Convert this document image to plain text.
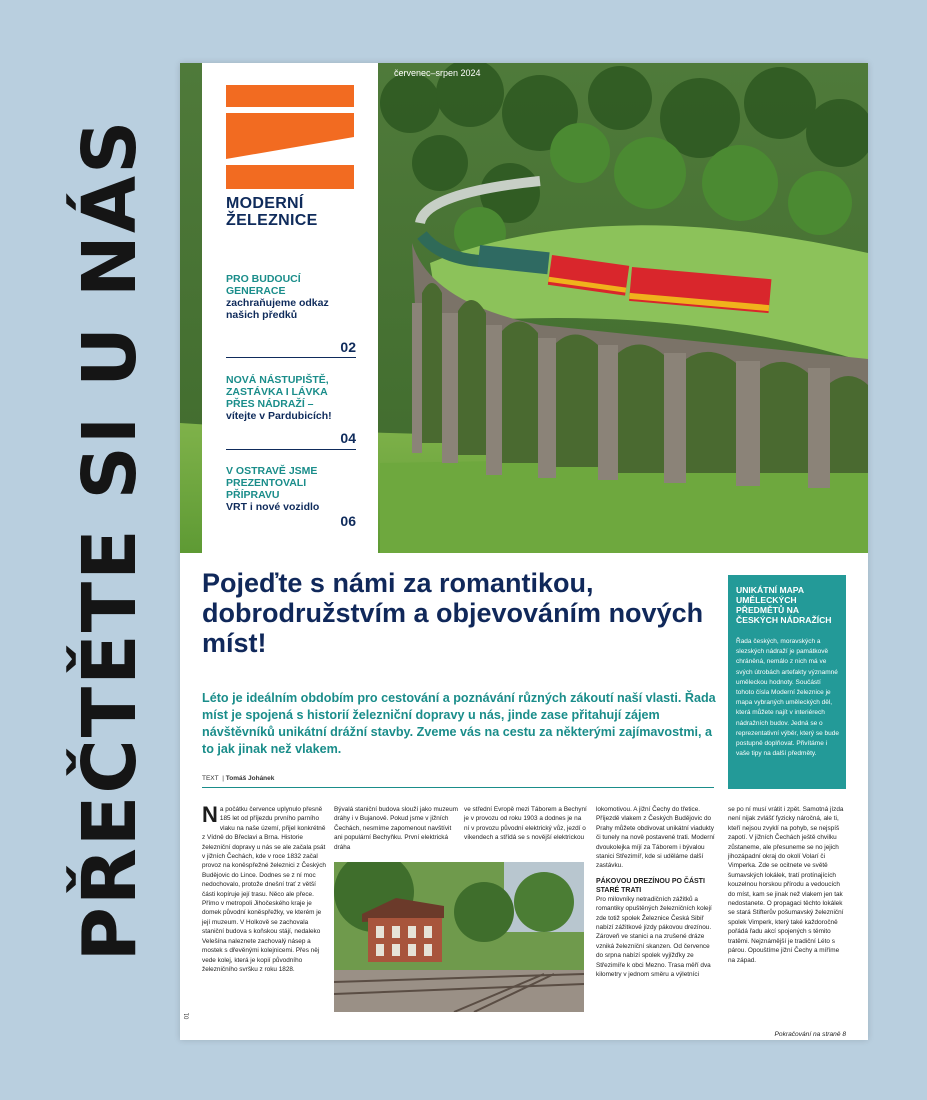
PŘEČTĚTE SI U NÁS
červenec–srpen 2024
MODERNÍ
ŽELEZNICE
PRO BUDOUCÍ GENERACE
zachraňujeme odkaz našich předků
02
NOVÁ NÁSTUPIŠTĚ, ZASTÁVKA I LÁVKA PŘES NÁDRAŽÍ –
vítejte v Pardubicích!
04
V OSTRAVĚ JSME PREZENTOVALI PŘÍPRAVU
VRT i nové vozidlo
06
Pojeďte s námi za romantikou, dobrodružstvím a objevováním nových míst!
Léto je ideálním obdobím pro cestování a poznávání různých zákoutí naší vlasti. Řada míst je spojená s historií železniční dopravy u nás, jinde zase přitahují zájem návštěvníků unikátní drážní stavby. Zveme vás na cestu za některými zajímavostmi, a to jak jinak než vlakem.
TEXT  | Tomáš Johánek
UNIKÁTNÍ MAPA UMĚLECKÝCH PŘEDMĚTŮ NA ČESKÝCH NÁDRAŽÍCH
Řada českých, moravských a slezských nádraží je památkově chráněná, nemálo z nich má ve svých útrobách artefakty významné uměleckou hodnoty. Součástí tohoto čísla Moderní železnice je mapa vybraných uměleckých děl, která můžete najít v interiérech nádražních budov. Jedná se o reprezentativní výběr, který se bude postupně doplňovat. Přivítáme i vaše tipy na další předměty.
Na počátku července uplynulo přesně 185 let od příjezdu prvního parního vlaku na naše území, přijel konkrétně z Vídně do Břeclavi a Brna. Historie železniční dopravy u nás se ale začala psát v jižních Čechách, kde v roce 1832 začal provoz na koněspřežné železnici z Českých Budějovic do Lince. Dodnes se z ní moc nedochovalo, protože dnešní trať z větší části kopíruje její trasu. Něco ale přece. Přímo v metropoli Jihočeského kraje je domek původní koněspřežky, ve kterém je její muzeum. V Holkově se zachovala staniční budova s koňskou stájí, nedaleko Velešína naleznete zachovalý násep a mostek s dřevěnými kolejnicemi. Přes něj vede kolej, která je kopií původního železničního svršku z roku 1828.
Bývalá staniční budova slouží jako muzeum dráhy i v Bujanově. Pokud jsme v jižních Čechách, nesmíme zapomenout navštívit ani populární Bechyňku. První elektrická dráha
ve střední Evropě mezi Táborem a Bechyní je v provozu od roku 1903 a dodnes je na ní v provozu původní elektrický vůz, jezdí o víkendech a střídá se s novější elektrickou
lokomotivou. A jižní Čechy do třetice. Příjezdě vlakem z Českých Budějovic do Prahy můžete obdivovat unikátní viadukty či tunely na nově postavené trati. Moderní dvoukolejka míjí za Táborem i bývalou stanici Střezimíř, kde si uděláme další zastávku.
PÁKOVOU DREZÍNOU PO ČÁSTI STARÉ TRATI
Pro milovníky netradičních zážitků a romantiky opuštěných železničních kolejí zde totiž spolek Železnice Česká Sibiř nabízí zážitkové jízdy pákovou drezínou. Zároveň ve stanici a na zrušené dráze vzniká železniční skanzen. Od července do srpna nabízí spolek vyjížďky ze Střezimíře k obci Mezno. Trasa měří dva kilometry v jednom směru a výletníci
se po ní musí vrátit i zpět. Samotná jízda není nijak zvlášť fyzicky náročná, ale ti, kteří nejsou zvyklí na pohyb, se nejspíš zapotí. V jižních Čechách ještě chvilku zůstaneme, ale přesuneme se no jejich jihozápadní okraj do okolí Volarí či Vimperka. Zde se ocitnete ve světě šumavských lokálek, tratí protínajících kouzelnou horskou přírodu a vedoucích do míst, kam se jinak než vlakem jen tak nedostanete. O propagaci těchto lokálek se stará Stifterův pošumavský železniční spolek Vimperk, který také každoročně pořádá řadu akcí spojených s těmito tratěmi. Nejznámější je tradiční Léto s párou. Opouštíme jižní Čechy a míříme na západ.
01
Pokračování na straně 8
